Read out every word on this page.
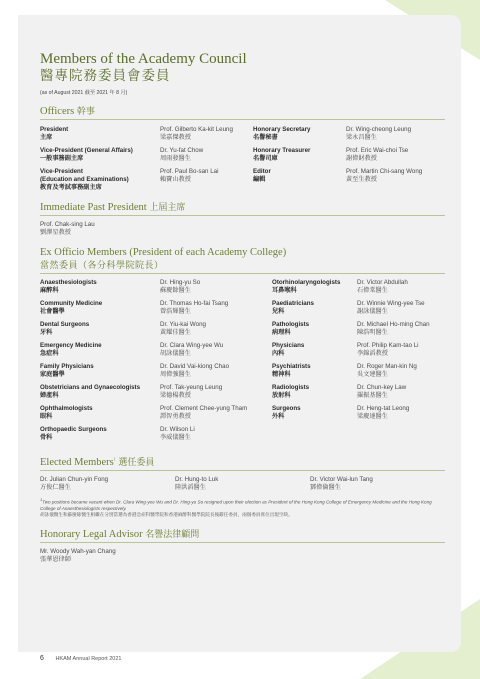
Members of the Academy Council
醫專院務委員會委員
(as of August 2021 截至 2021 年 8 月)
Officers 幹事
President
主席
Prof. Gilberto Ka-kit Leung
梁嘉傑教授
Honorary Secretary
名譽秘書
Dr. Wing-cheong Leung
梁永昌醫生
Vice-President (General Affairs)
一般事務副主席
Dr. Yu-fat Chow
周雨發醫生
Honorary Treasurer
名譽司庫
Prof. Eric Wai-choi Tse
謝偉財教授
Vice-President
(Education and Examinations)
教育及考試事務副主席
Prof. Paul Bo-san Lai
賴寶山教授
Editor
編輯
Prof. Martin Chi-sang Wong
黃至生教授
Immediate Past President 上屆主席
Prof. Chak-sing Lau
劉澤星教授
Ex Officio Members (President of each Academy College)
當然委員（各分科學院院長）
Anaesthesiologists
麻醉科
Dr. Hing-yu So
蘇慶餘醫生
Community Medicine
社會醫學
Dr. Thomas Ho-fai Tsang
曾浩輝醫生
Dental Surgeons
牙科
Dr. Yiu-kai Wong
黃耀佳醫生
Emergency Medicine
急症科
Dr. Clara Wing-yee Wu
胡詠儀醫生
Family Physicians
家庭醫學
Dr. David Vai-kiong Chao
周偉強醫生
Obstetricians and Gynaecologists
婦產科
Prof. Tak-yeung Leung
梁德楊教授
Ophthalmologists
眼科
Prof. Clement Chee-yung Tham
譚智勇教授
Orthopaedic Surgeons
骨科
Dr. Wilson Li
李威儀醫生
Otorhinolaryngologists
耳鼻喉科
Dr. Victor Abdullah
石偉棠醫生
Paediatricians
兒科
Dr. Winnie Wing-yee Tse
謝詠儀醫生
Pathologists
病理科
Dr. Michael Ho-ming Chan
陳浩明醫生
Physicians
內科
Prof. Philip Kam-tao Li
李錦滔教授
Psychiatrists
精神科
Dr. Roger Man-kin Ng
吳文建醫生
Radiologists
放射科
Dr. Chun-key Law
羅振基醫生
Surgeons
外科
Dr. Heng-tat Leong
梁慶達醫生
Elected Members$^1$ 選任委員
Dr. Julian Chun-yin Fong
方俊仁醫生
Dr. Hung-to Luk
陸洪滔醫生
Dr. Victor Wai-lun Tang
鄧偉倫醫生
1Two positions became vacant when Dr. Clara Wing-yee Wu and Dr. Hing-yu So resigned upon their election as President of the Hong Kong College of Emergency Medicine and the Hong Kong College of Anaesthesiologists respectively.
胡詠儀醫生和蘇慶餘醫生相繼在分別當選為香港急症科醫學院和香港麻醉科醫學院院長後辭任委員，兩個委員席位出現空缺。
Honorary Legal Advisor 名譽法律顧問
Mr. Woody Wah-yan Chang
張華恩律師
6 HKAM Annual Report 2021
